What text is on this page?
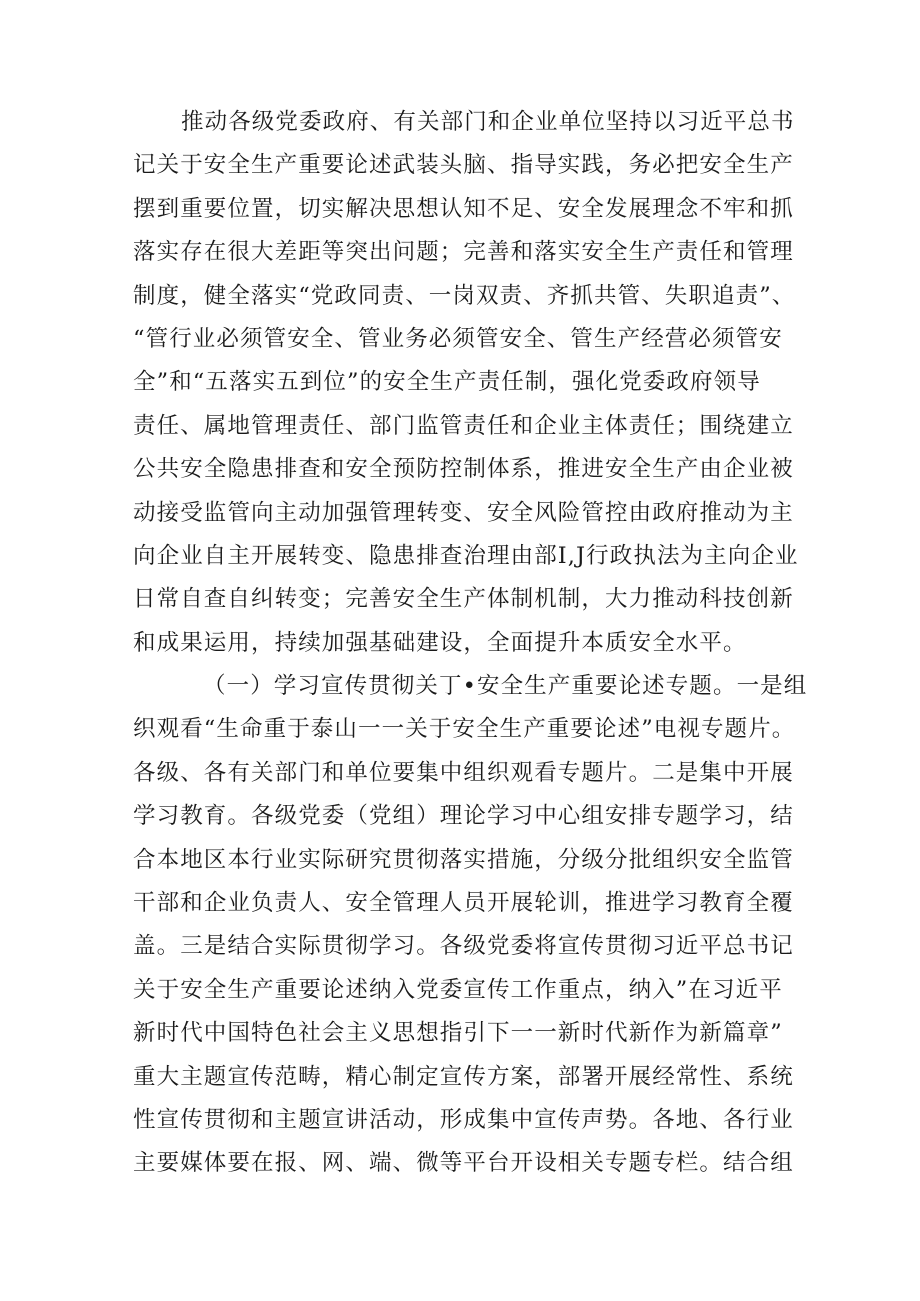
推动各级党委政府、有关部门和企业单位坚持以习近平总书
记关于安全生产重要论述武装头脑、指导实践，务必把安全生产
摆到重要位置，切实解决思想认知不足、安全发展理念不牢和抓
落实存在很大差距等突出问题；完善和落实安全生产责任和管理
制度，健全落实“党政同责、一岗双责、齐抓共管、失职追责”、
“管行业必须管安全、管业务必须管安全、管生产经营必须管安
全”和“五落实五到位”的安全生产责任制，强化党委政府领导
责任、属地管理责任、部门监管责任和企业主体责任；围绕建立
公共安全隐患排查和安全预防控制体系，推进安全生产由企业被
动接受监管向主动加强管理转变、安全风险管控由政府推动为主
向企业自主开展转变、隐患排查治理由部I,J行政执法为主向企业
日常自查自纠转变；完善安全生产体制机制，大力推动科技创新
和成果运用，持续加强基础建设，全面提升本质安全水平。
（一）学习宣传贯彻关丁•安全生产重要论述专题。一是组
织观看“生命重于泰山一一关于安全生产重要论述”电视专题片。
各级、各有关部门和单位要集中组织观看专题片。二是集中开展
学习教育。各级党委（党组）理论学习中心组安排专题学习，结
合本地区本行业实际研究贯彻落实措施，分级分批组织安全监管
干部和企业负责人、安全管理人员开展轮训，推进学习教育全覆
盖。三是结合实际贯彻学习。各级党委将宣传贯彻习近平总书记
关于安全生产重要论述纳入党委宣传工作重点，纳入”在习近平
新时代中国特色社会主义思想指引下一一新时代新作为新篇章”
重大主题宣传范畴，精心制定宣传方案，部署开展经常性、系统
性宣传贯彻和主题宣讲活动，形成集中宣传声势。各地、各行业
主要媒体要在报、网、端、微等平台开设相关专题专栏。结合组
